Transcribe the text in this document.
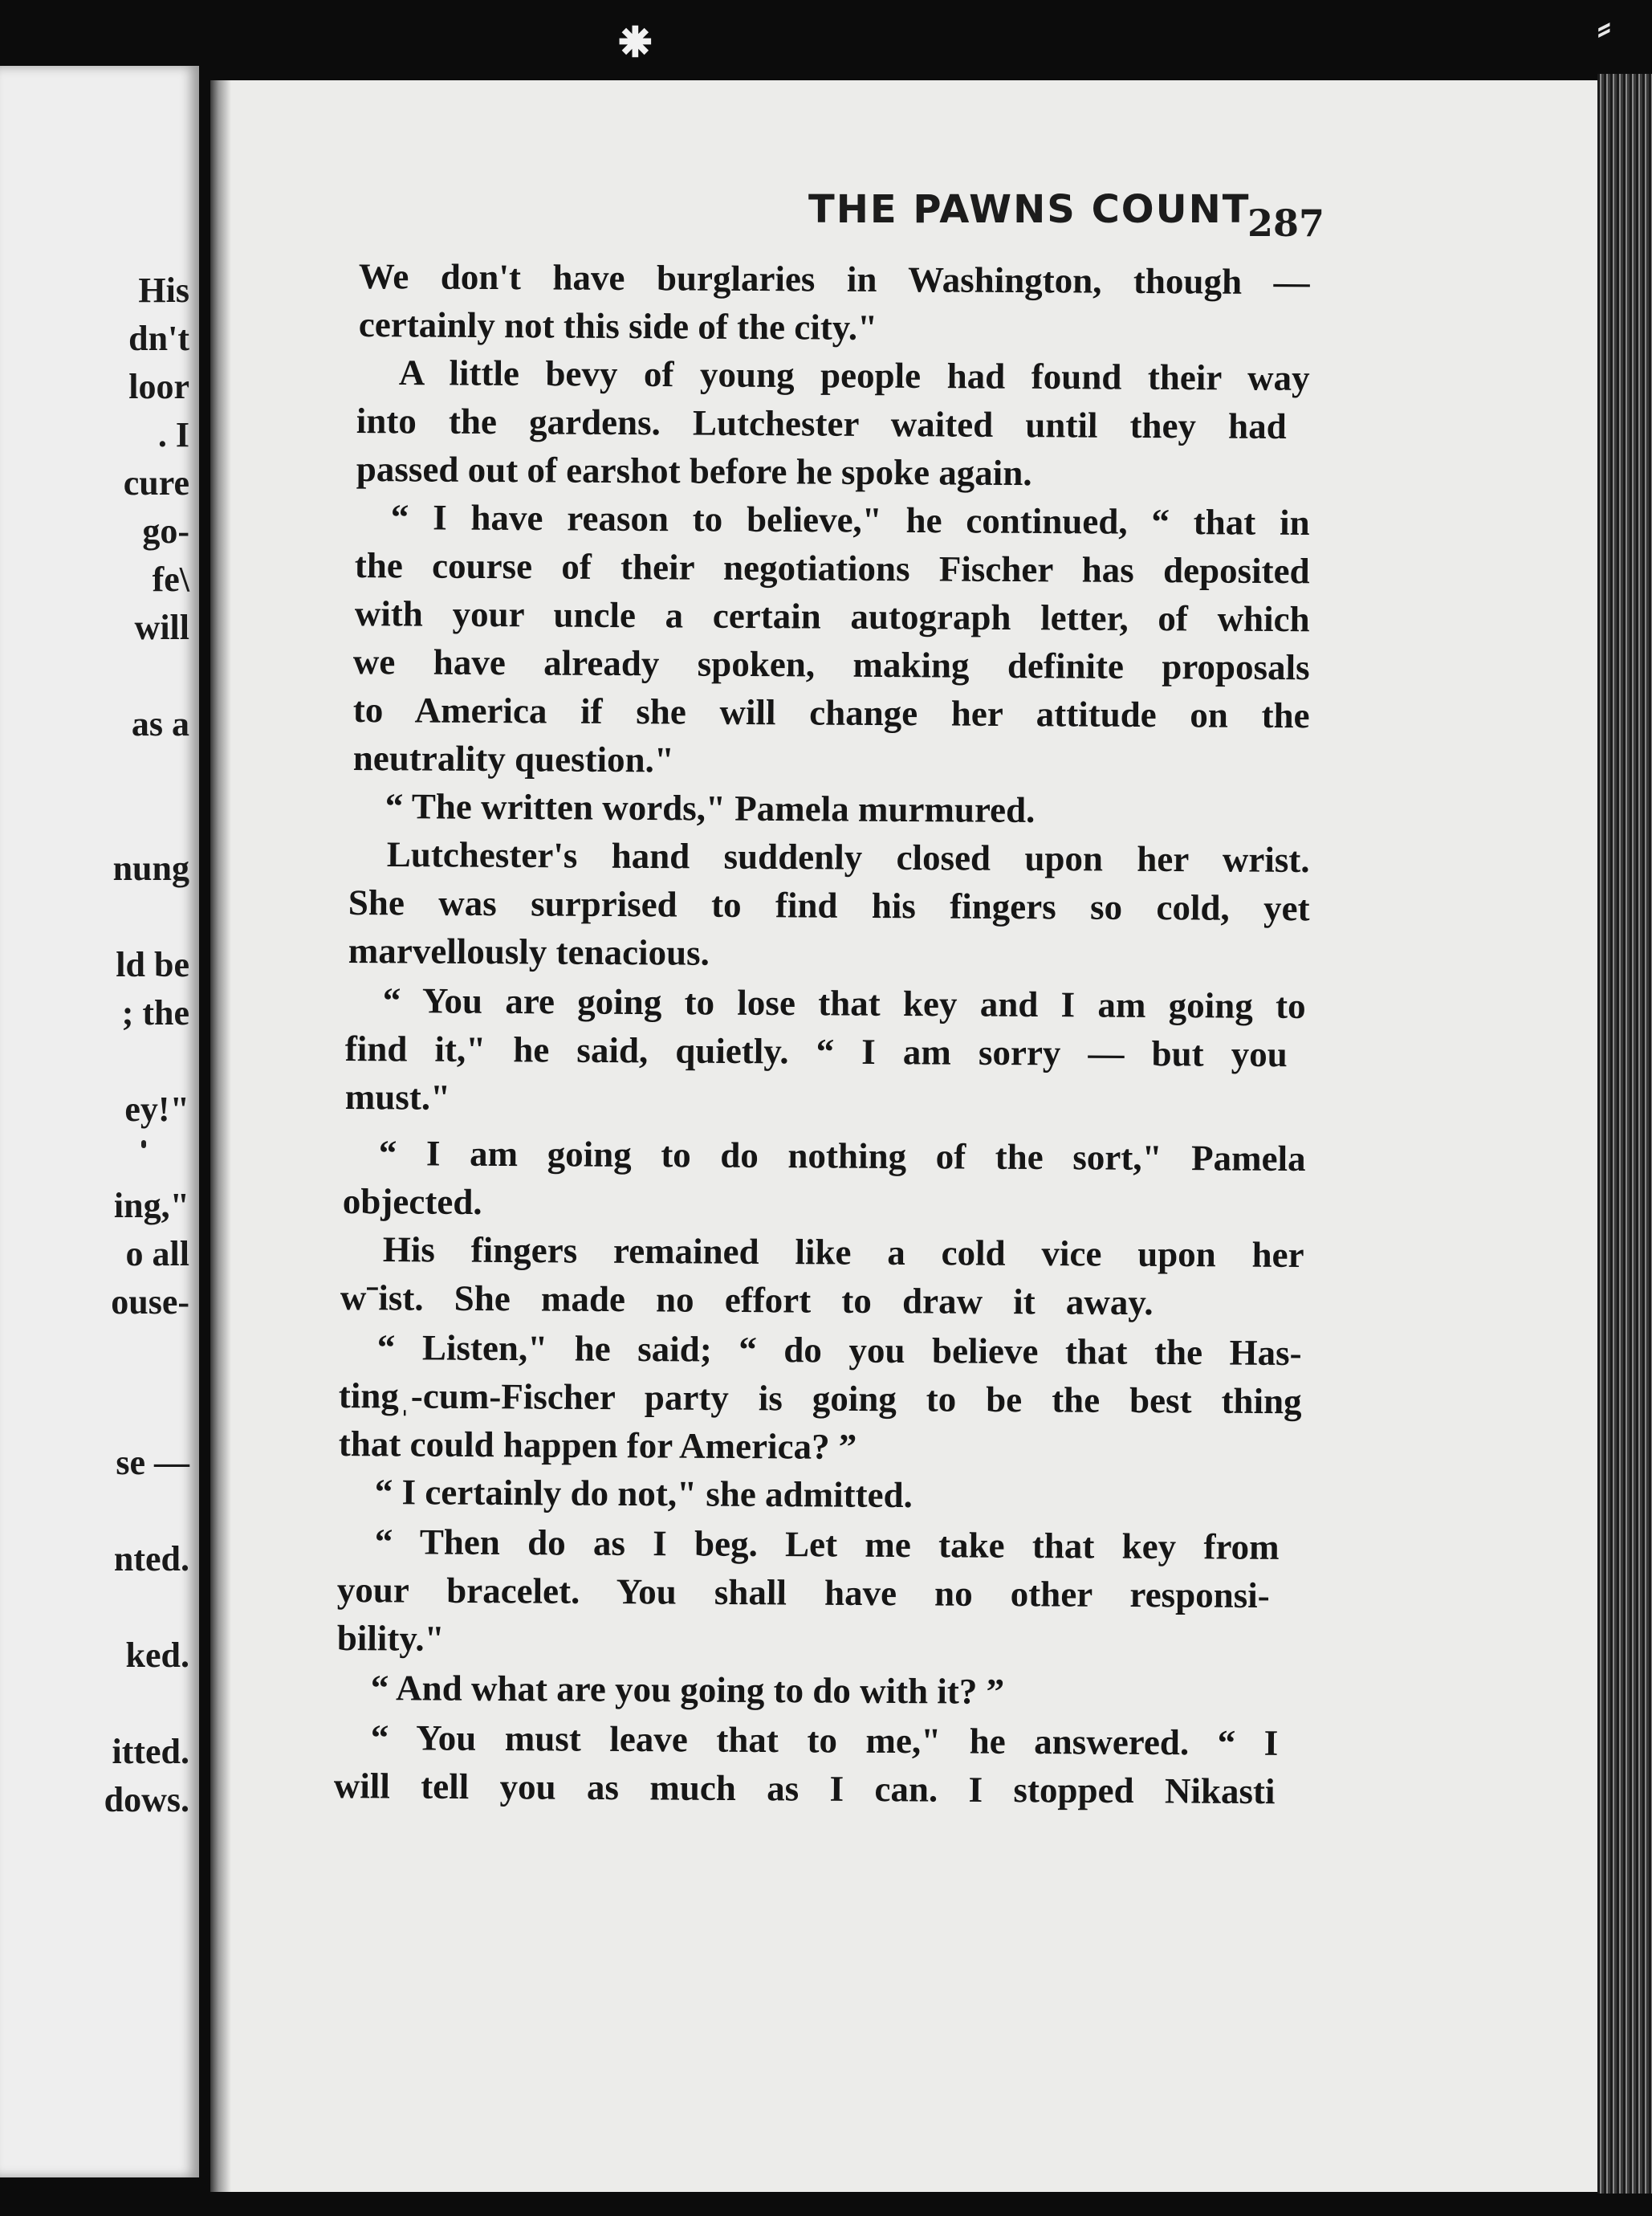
⁕	⸗
His
dn't
loor
. I
cure
go-
fe\
will
as a
nung
ld be
; the
ey!"
ing,"
o all
ouse-
se —
nted.
ked.
itted.
dows.
THE PAWNS COUNT
287
We don't have burglaries in Washington, though —
certainly not this side of the city."
A little bevy of young people had found their way
into the gardens. Lutchester waited until they had
passed out of earshot before he spoke again.
“ I have reason to believe," he continued, “ that in
the course of their negotiations Fischer has deposited
with your uncle a certain autograph letter, of which
we have already spoken, making definite proposals
to America if she will change her attitude on the
neutrality question."
“ The written words," Pamela murmured.
Lutchester's hand suddenly closed upon her wrist.
She was surprised to find his fingers so cold, yet
marvellously tenacious.
“ You are going to lose that key and I am going to
find it," he said, quietly. “ I am sorry — but you
must."
“ I am going to do nothing of the sort," Pamela
objected.
His fingers remained like a cold vice upon her
wˉist. She made no effort to draw it away.
“ Listen," he said; “ do you believe that the Has-
tingˌ-cum-Fischer party is going to be the best thing
that could happen for America? ”
“ I certainly do not," she admitted.
“ Then do as I beg. Let me take that key from
your bracelet. You shall have no other responsi-
bility."
“ And what are you going to do with it? ”
“ You must leave that to me," he answered. “ I
will tell you as much as I can. I stopped Nikasti
